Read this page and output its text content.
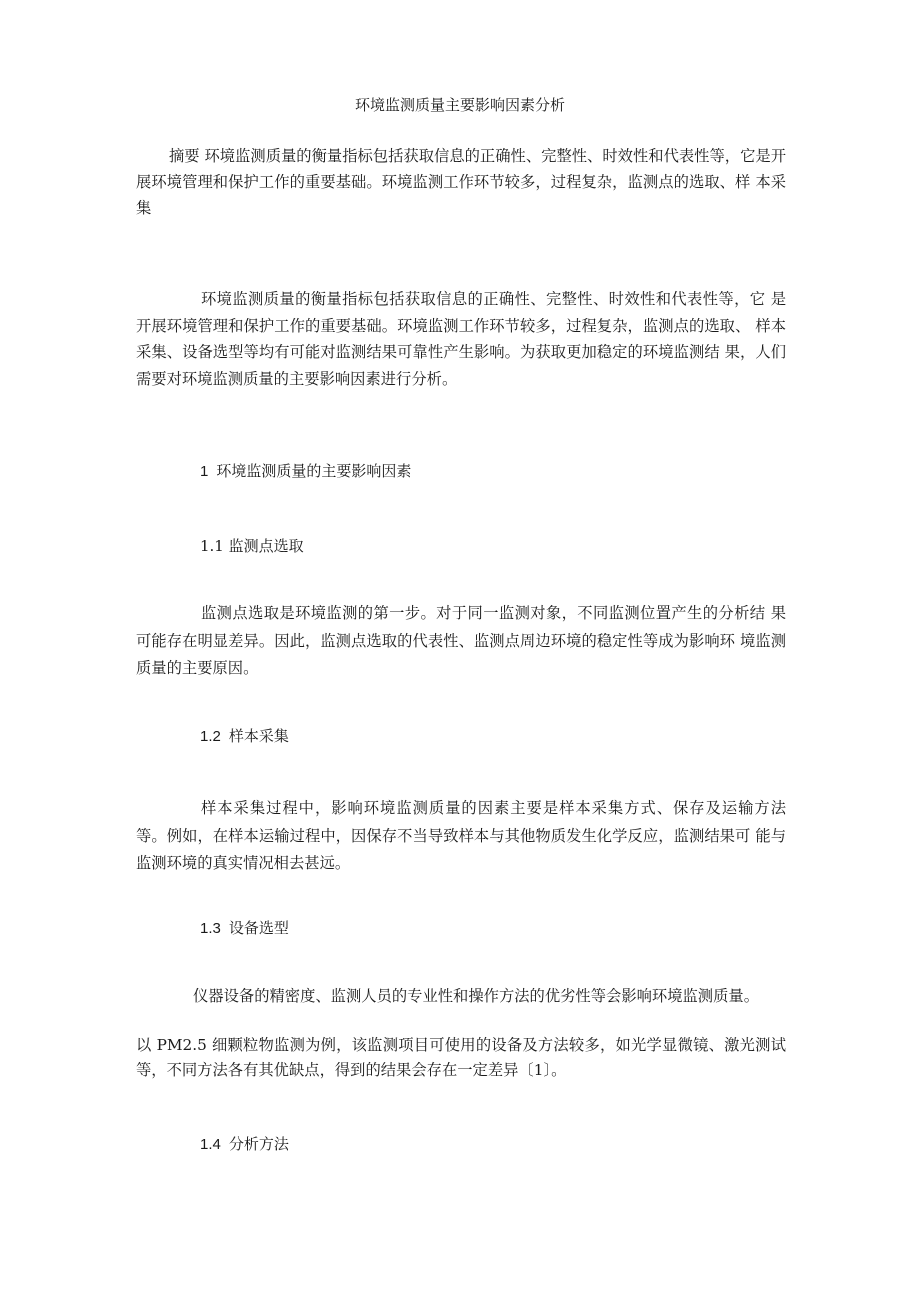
环境监测质量主要影响因素分析
摘要 环境监测质量的衡量指标包括获取信息的正确性、完整性、时效性和代表性等，它是开 展环境管理和保护工作的重要基础。环境监测工作环节较多，过程复杂，监测点的选取、样 本采集
环境监测质量的衡量指标包括获取信息的正确性、完整性、时效性和代表性等，它 是开展环境管理和保护工作的重要基础。环境监测工作环节较多，过程复杂，监测点的选取、 样本采集、设备选型等均有可能对监测结果可靠性产生影响。为获取更加稳定的环境监测结 果，人们需要对环境监测质量的主要影响因素进行分析。
1 环境监测质量的主要影响因素
1.1 监测点选取
监测点选取是环境监测的第一步。对于同一监测对象，不同监测位置产生的分析结 果可能存在明显差异。因此，监测点选取的代表性、监测点周边环境的稳定性等成为影响环 境监测质量的主要原因。
1.2 样本采集
样本采集过程中，影响环境监测质量的因素主要是样本采集方式、保存及运输方法 等。例如，在样本运输过程中，因保存不当导致样本与其他物质发生化学反应，监测结果可 能与监测环境的真实情况相去甚远。
1.3 设备选型
仪器设备的精密度、监测人员的专业性和操作方法的优劣性等会影响环境监测质量。
以 PM2.5 细颗粒物监测为例，该监测项目可使用的设备及方法较多，如光学显微镜、激光测试等，不同方法各有其优缺点，得到的结果会存在一定差异〔1〕。
1.4 分析方法
